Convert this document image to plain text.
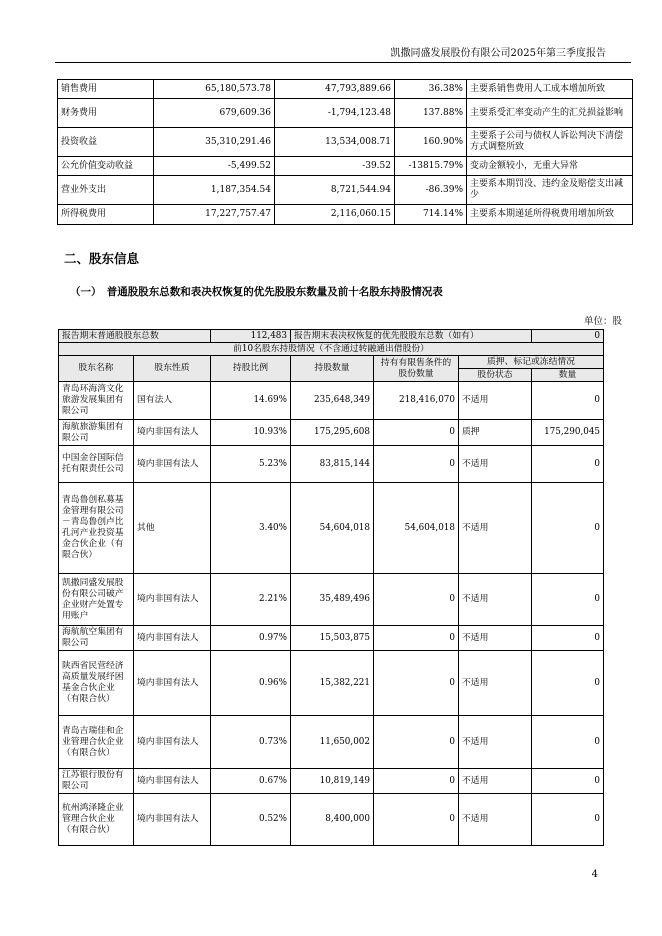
凯撒同盛发展股份有限公司2025年第三季度报告
销售费用	65,180,573.78	47,793,889.66	36.38%	主要系销售费用人工成本增加所致
财务费用	679,609.36	-1,794,123.48	137.88%	主要系受汇率变动产生的汇兑损益影响
投资收益	35,310,291.46	13,534,008.71	160.90%	主要系子公司与债权人诉讼判决下清偿方式调整所致
公允价值变动收益	-5,499.52	-39.52	-13815.79%	变动金额较小，无重大异常
营业外支出	1,187,354.54	8,721,544.94	-86.39%	主要系本期罚没、违约金及赔偿支出减少
所得税费用	17,227,757.47	2,116,060.15	714.14%	主要系本期递延所得税费用增加所致
二、股东信息
（一）　普通股股东总数和表决权恢复的优先股股东数量及前十名股东持股情况表
单位：股
报告期末普通股股东总数		112,483	报告期末表决权恢复的优先股股东总数（如有）			0
前10名股东持股情况（不含通过转融通出借股份）						
股东名称	股东性质	持股比例	持股数量	持有有限售条件的股份数量	质押、标记或冻结情况	
					股份状态	数量
青岛环海湾文化旅游发展集团有限公司	国有法人	14.69%	235,648,349	218,416,070	不适用	0
海航旅游集团有限公司	境内非国有法人	10.93%	175,295,608	0	质押	175,290,045
中国金谷国际信托有限责任公司	境内非国有法人	5.23%	83,815,144	0	不适用	0
青岛鲁创私募基金管理有限公司－青岛鲁创卢比孔河产业投资基金合伙企业（有限合伙）	其他	3.40%	54,604,018	54,604,018	不适用	0
凯撒同盛发展股份有限公司破产企业财产处置专用账户	境内非国有法人	2.21%	35,489,496	0	不适用	0
海航航空集团有限公司	境内非国有法人	0.97%	15,503,875	0	不适用	0
陕西省民营经济高质量发展纾困基金合伙企业（有限合伙）	境内非国有法人	0.96%	15,382,221	0	不适用	0
青岛吉瑞佳和企业管理合伙企业（有限合伙）	境内非国有法人	0.73%	11,650,002	0	不适用	0
江苏银行股份有限公司	境内非国有法人	0.67%	10,819,149	0	不适用	0
杭州鸿泽隆企业管理合伙企业（有限合伙）	境内非国有法人	0.52%	8,400,000	0	不适用	0
4
